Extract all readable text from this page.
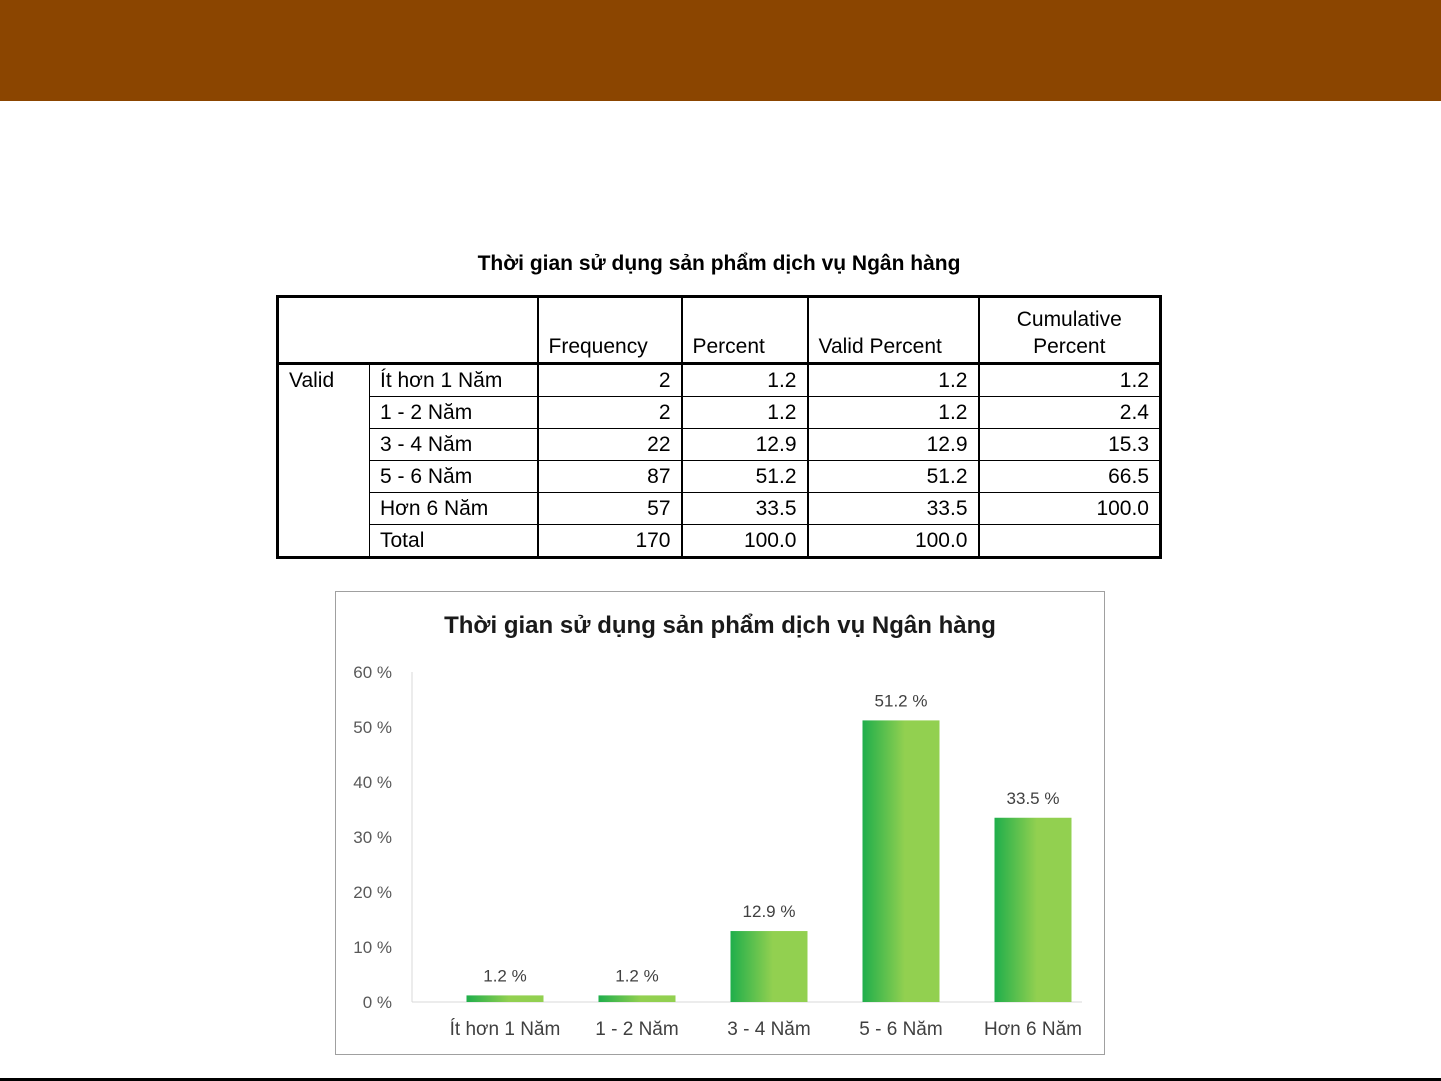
Thời gian sử dụng sản phẩm dịch vụ Ngân hàng
		Frequency	Percent	Valid Percent	Cumulative
Percent

Valid	Ít hơn 1 Năm	2	1.2	1.2	1.2
	1 - 2 Năm	2	1.2	1.2	2.4
	3 - 4 Năm	22	12.9	12.9	15.3
	5 - 6 Năm	87	51.2	51.2	66.5
	Hơn 6 Năm	57	33.5	33.5	100.0
	Total	170	100.0	100.0	
Thời gian sử dụng sản phẩm dịch vụ Ngân hàng
0 %
10 %
20 %
30 %
40 %
50 %
60 %
1.2 %
Ít hơn 1 Năm
1.2 %
1 - 2 Năm
12.9 %
3 - 4 Năm
51.2 %
5 - 6 Năm
33.5 %
Hơn 6 Năm
